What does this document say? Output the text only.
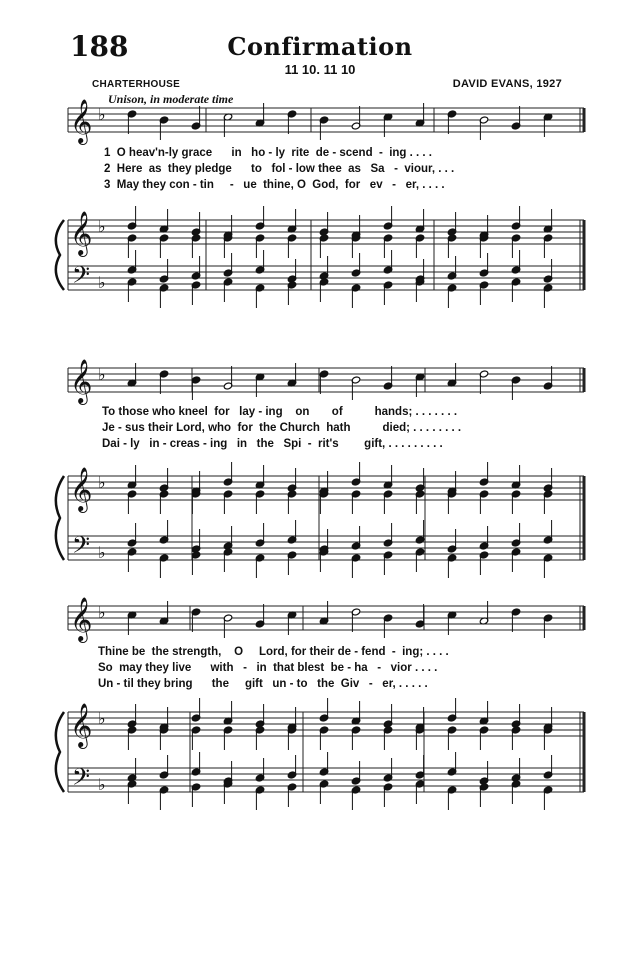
188	Confirmation
11 10. 11 10
CHARTERHOUSE	DAVID EVANS, 1927
Unison, in moderate time
𝄞 ♭
𝄞 ♭
𝄢 ♭
𝄞 ♭
𝄞 ♭
𝄢 ♭
𝄞 ♭
𝄞 ♭
𝄢 ♭
1  O heav'n-ly grace      in   ho - ly  rite  de - scend  -  ing . . . .
2  Here  as  they pledge      to   fol - low thee  as   Sa   -  viour, . . .
3  May they con - tin     -   ue  thine, O  God,  for   ev   -   er, . . . .
To those who kneel  for   lay - ing    on       of          hands; . . . . . . .
Je - sus their Lord, who  for  the Church  hath          died; . . . . . . . .
Dai - ly   in - creas - ing   in   the   Spi  -  rit's        gift, . . . . . . . . .
Thine be  the strength,    O     Lord, for their de - fend  -  ing; . . . .
So  may they live      with   -   in  that blest  be - ha   -   vior . . . .
Un - til they bring      the     gift   un - to   the  Giv   -   er, . . . . .
